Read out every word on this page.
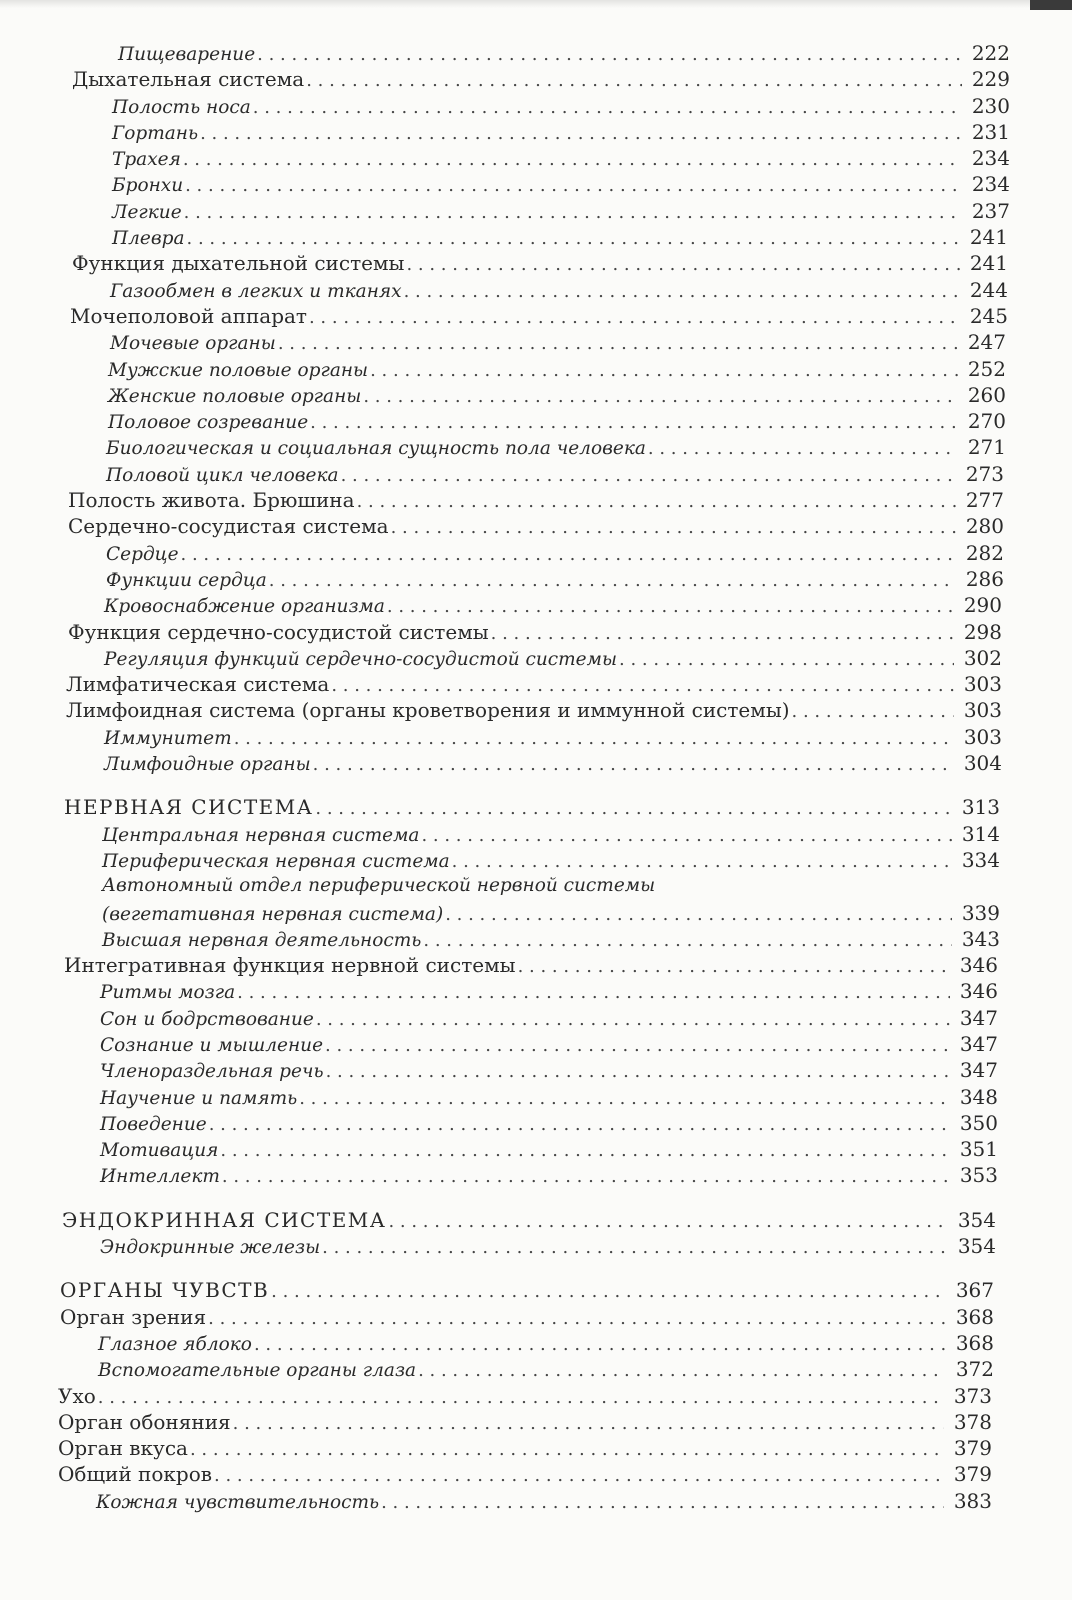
Пищеварение . . .	222
Дыхательная система . . .	229
Полость носа . . .	230
Гортань . . .	231
Трахея . . .	234
Бронхи . . .	234
Легкие . . .	237
Плевра . . .	241
Функция дыхательной системы . . .	241
Газообмен в легких и тканях . . .	244
Мочеполовой аппарат . . .	245
Мочевые органы . . .	247
Мужские половые органы . . .	252
Женские половые органы . . .	260
Половое созревание . . .	270
Биологическая и социальная сущность пола человека . . .	271
Половой цикл человека . . .	273
Полость живота. Брюшина . . .	277
Сердечно-сосудистая система . . .	280
Сердце . . .	282
Функции сердца . . .	286
Кровоснабжение организма . . .	290
Функция сердечно-сосудистой системы . . .	298
Регуляция функций сердечно-сосудистой системы . . .	302
Лимфатическая система . . .	303
Лимфоидная система (органы кроветворения и иммунной системы) . . .	303
Иммунитет . . .	303
Лимфоидные органы . . .	304
НЕРВНАЯ СИСТЕМА . . .	313
Центральная нервная система . . .	314
Периферическая нервная система . . .	334
Автономный отдел периферической нервной системы
(вегетативная нервная система) . . .	339
Высшая нервная деятельность . . .	343
Интегративная функция нервной системы . . .	346
Ритмы мозга . . .	346
Сон и бодрствование . . .	347
Сознание и мышление . . .	347
Членораздельная речь . . .	347
Научение и память . . .	348
Поведение . . .	350
Мотивация . . .	351
Интеллект . . .	353
ЭНДОКРИННАЯ СИСТЕМА . . .	354
Эндокринные железы . . .	354
ОРГАНЫ ЧУВСТВ . . .	367
Орган зрения . . .	368
Глазное яблоко . . .	368
Вспомогательные органы глаза . . .	372
Ухо . . .	373
Орган обоняния . . .	378
Орган вкуса . . .	379
Общий покров . . .	379
Кожная чувствительность . . .	383
